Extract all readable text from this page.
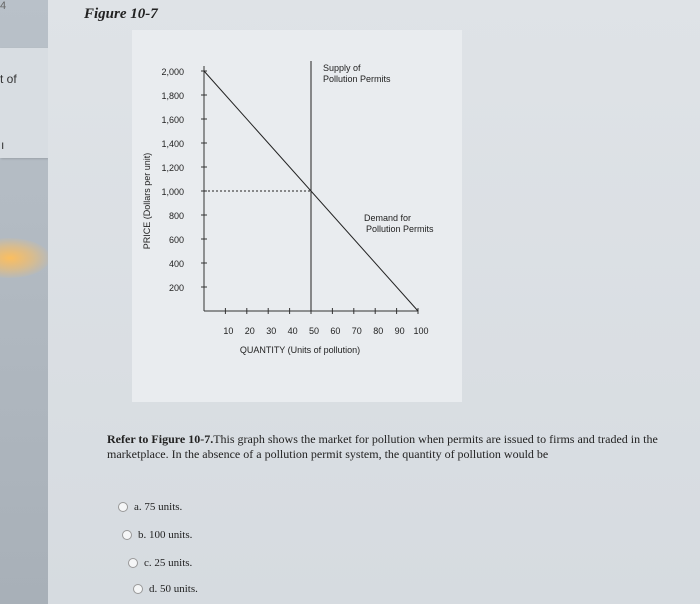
4
t of
ı
Figure 10-7
200
400
600
800
1,000
1,200
1,400
1,600
1,800
2,000
10 20 30 40 50 60 70 80 90 100
QUANTITY (Units of pollution)
PRICE (Dollars per unit)	Demand for
Pollution Permits
Supply of
Pollution Permits
Refer to Figure 10-7.This graph shows the market for pollution when permits are issued to firms and traded in the marketplace. In the absence of a pollution permit system, the quantity of pollution would be
a. 75 units.
b. 100 units.
c. 25 units.
d. 50 units.
